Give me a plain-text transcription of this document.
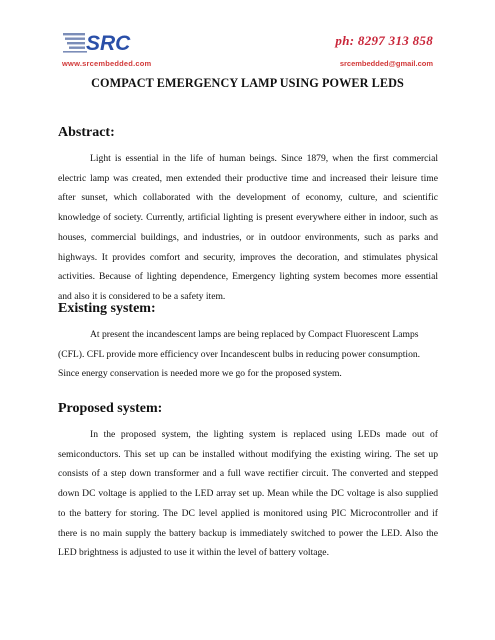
SRC
www.srcembedded.com
ph: 8297 313 858
srcembedded@gmail.com
COMPACT EMERGENCY LAMP USING POWER LEDS
Abstract:

Light is essential in the life of human beings. Since 1879, when the first commercial electric lamp was created, men extended their productive time and increased their leisure time after sunset, which collaborated with the development of economy, culture, and scientific knowledge of society. Currently, artificial lighting is present everywhere either in indoor, such as houses, commercial buildings, and industries, or in outdoor environments, such as parks and highways. It provides comfort and security, improves the decoration, and stimulates physical activities. Because of lighting dependence, Emergency lighting system becomes more essential and also it is considered to be a safety item.

Existing system:

At present the incandescent lamps are being replaced by Compact Fluorescent Lamps (CFL). CFL provide more efficiency over Incandescent bulbs in reducing power consumption. Since energy conservation is needed more we go for the proposed system.

Proposed system:

In the proposed system, the lighting system is replaced using LEDs made out of semiconductors. This set up can be installed without modifying the existing wiring. The set up consists of a step down transformer and a full wave rectifier circuit. The converted and stepped down DC voltage is applied to the LED array set up. Mean while the DC voltage is also supplied to the battery for storing. The DC level applied is monitored using PIC Microcontroller and if there is no main supply the battery backup is immediately switched to power the LED. Also the LED brightness is adjusted to use it within the level of battery voltage.
